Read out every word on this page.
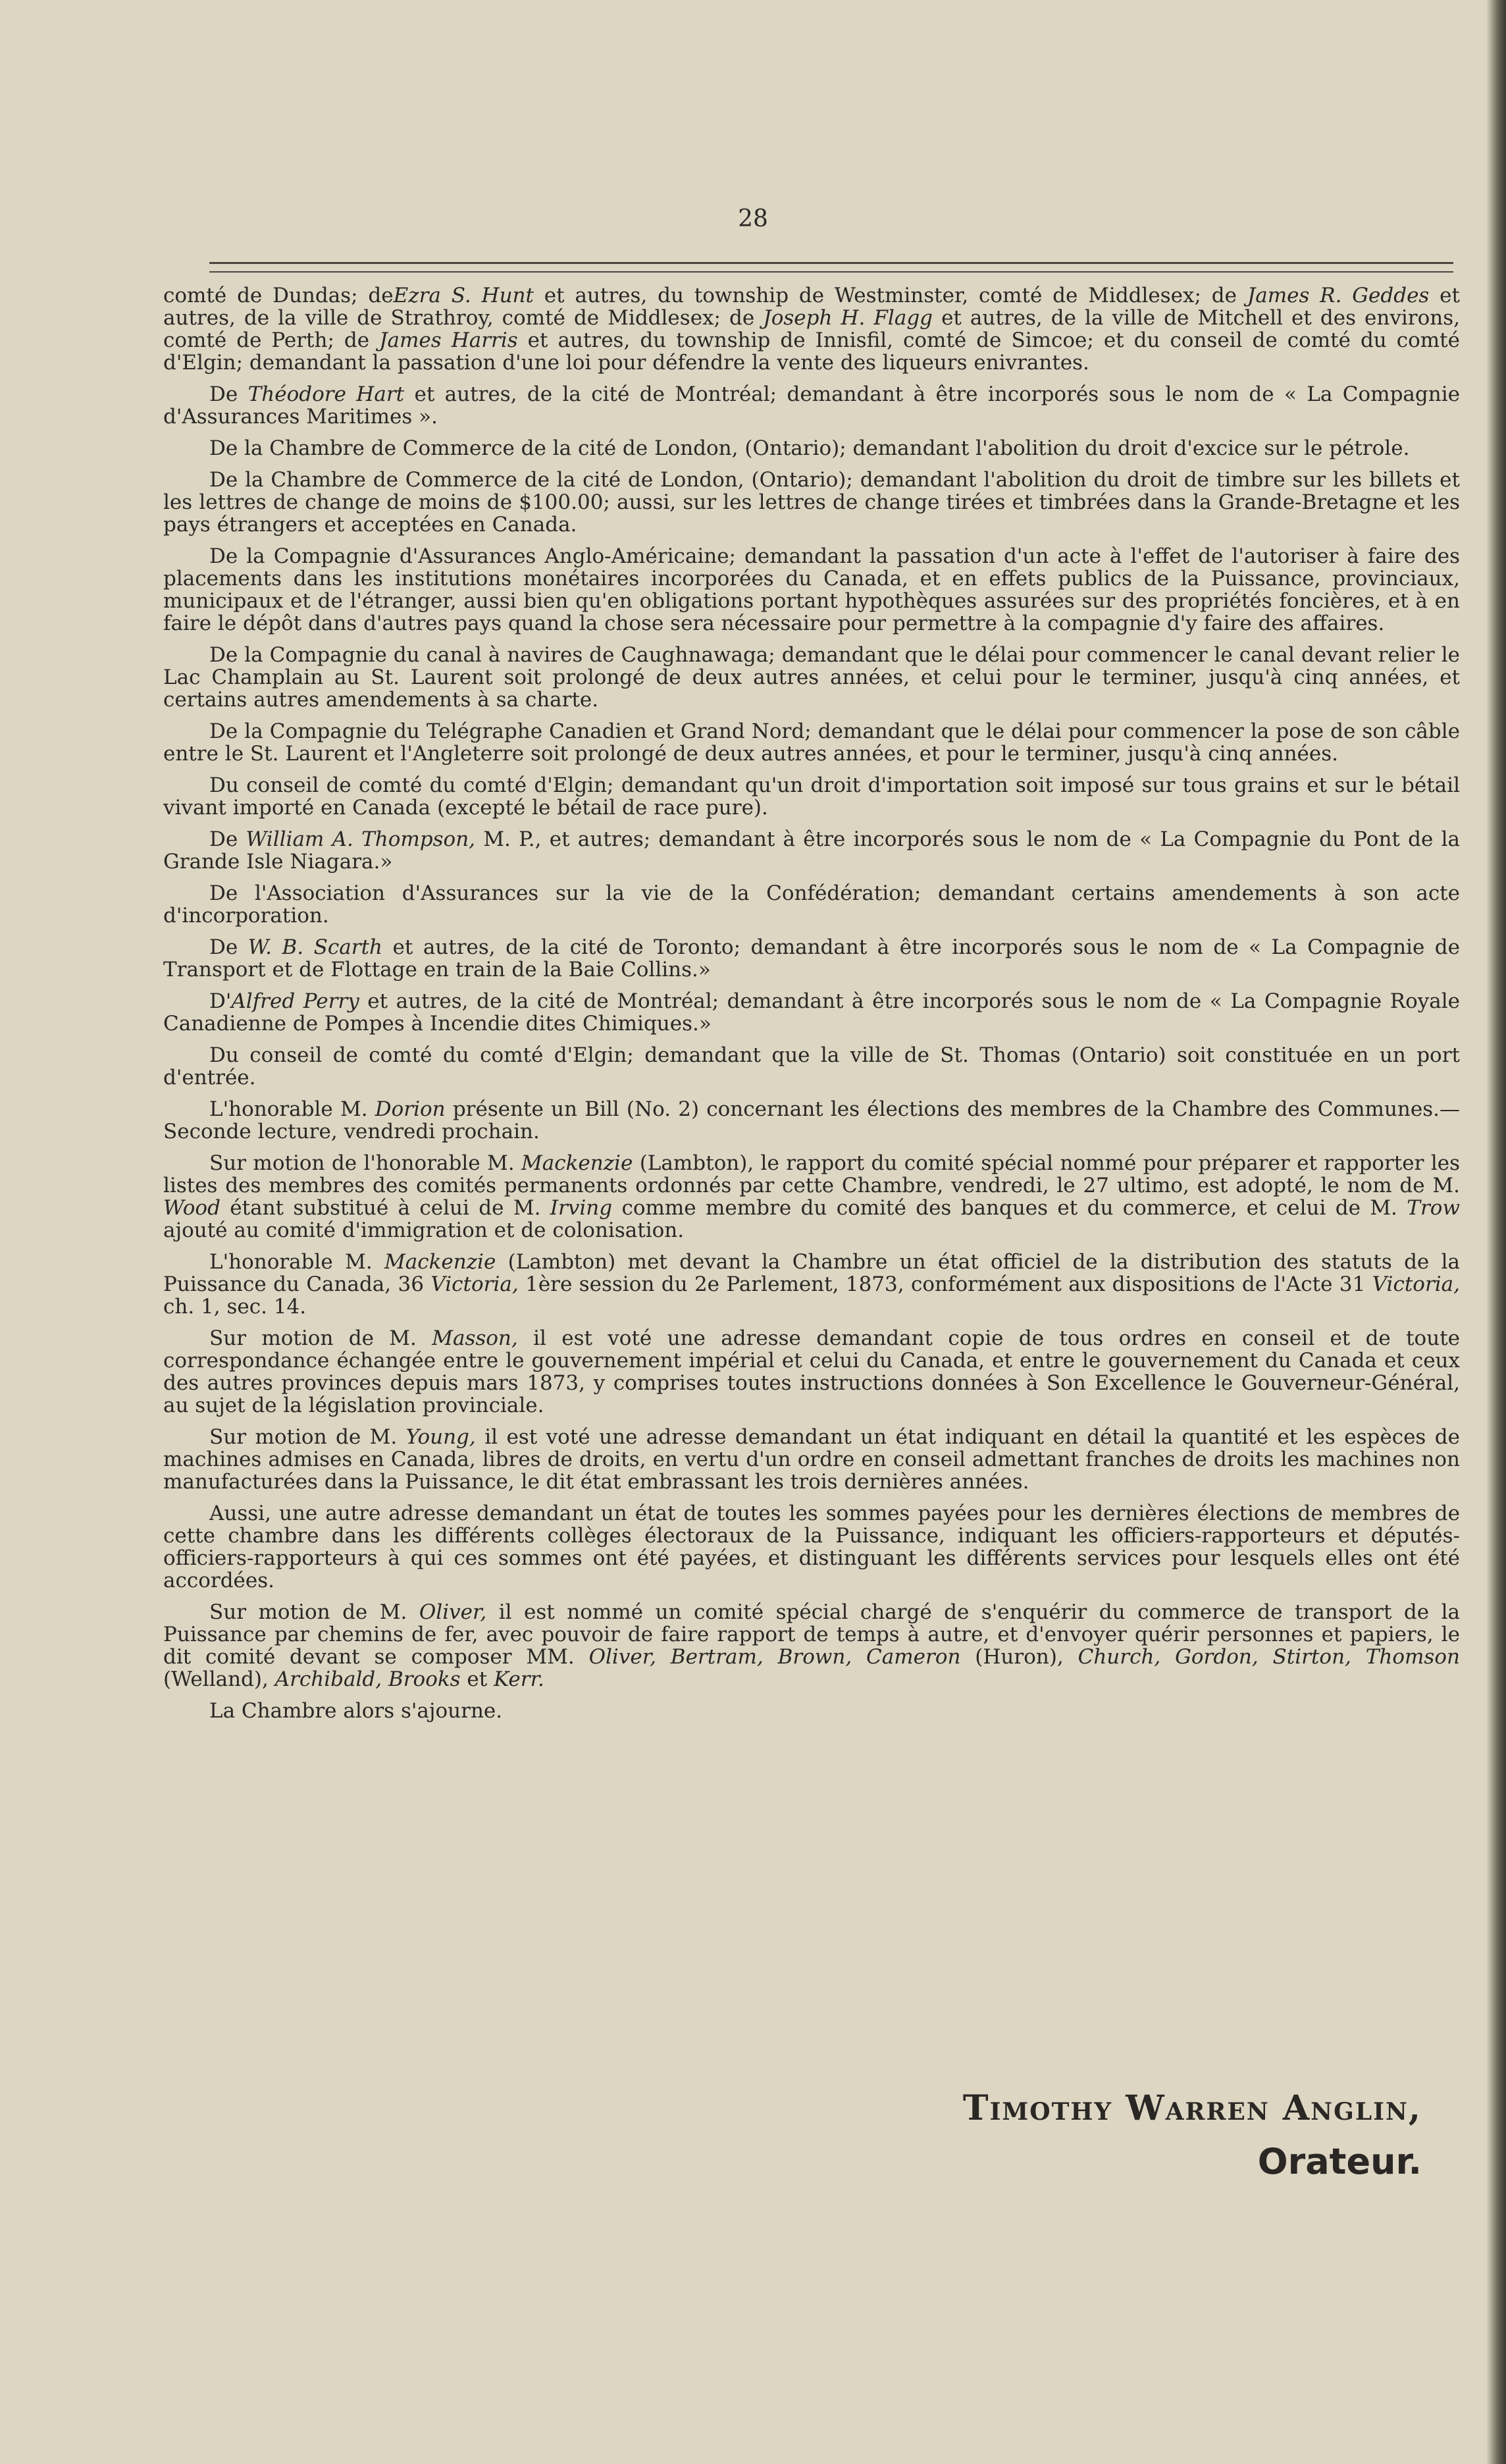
28

comté de Dundas; deEzra S. Hunt et autres, du township de Westminster, comté de Middlesex; de James R. Geddes et autres, de la ville de Strathroy, comté de Middlesex; de Joseph H. Flagg et autres, de la ville de Mitchell et des environs, comté de Perth; de James Harris et autres, du township de Innisfil, comté de Simcoe; et du conseil de comté du comté d'Elgin; demandant la passation d'une loi pour défendre la vente des liqueurs enivrantes.

De Théodore Hart et autres, de la cité de Montréal; demandant à être incorporés sous le nom de « La Compagnie d'Assurances Maritimes ».

De la Chambre de Commerce de la cité de London, (Ontario); demandant l'abolition du droit d'excice sur le pétrole.

De la Chambre de Commerce de la cité de London, (Ontario); demandant l'abolition du droit de timbre sur les billets et les lettres de change de moins de $100.00; aussi, sur les lettres de change tirées et timbrées dans la Grande-Bretagne et les pays étrangers et acceptées en Canada.

De la Compagnie d'Assurances Anglo-Américaine; demandant la passation d'un acte à l'effet de l'autoriser à faire des placements dans les institutions monétaires incorporées du Canada, et en effets publics de la Puissance, provinciaux, municipaux et de l'étranger, aussi bien qu'en obligations portant hypothèques assurées sur des propriétés foncières, et à en faire le dépôt dans d'autres pays quand la chose sera nécessaire pour permettre à la compagnie d'y faire des affaires.

De la Compagnie du canal à navires de Caughnawaga; demandant que le délai pour commencer le canal devant relier le Lac Champlain au St. Laurent soit prolongé de deux autres années, et celui pour le terminer, jusqu'à cinq années, et certains autres amendements à sa charte.

De la Compagnie du Telégraphe Canadien et Grand Nord; demandant que le délai pour commencer la pose de son câble entre le St. Laurent et l'Angleterre soit prolongé de deux autres années, et pour le terminer, jusqu'à cinq années.

Du conseil de comté du comté d'Elgin; demandant qu'un droit d'importation soit imposé sur tous grains et sur le bétail vivant importé en Canada (excepté le bétail de race pure).

De William A. Thompson, M. P., et autres; demandant à être incorporés sous le nom de « La Compagnie du Pont de la Grande Isle Niagara.»

De l'Association d'Assurances sur la vie de la Confédération; demandant certains amendements à son acte d'incorporation.

De W. B. Scarth et autres, de la cité de Toronto; demandant à être incorporés sous le nom de « La Compagnie de Transport et de Flottage en train de la Baie Collins.»

D'Alfred Perry et autres, de la cité de Montréal; demandant à être incorporés sous le nom de « La Compagnie Royale Canadienne de Pompes à Incendie dites Chimiques.»

Du conseil de comté du comté d'Elgin; demandant que la ville de St. Thomas (Ontario) soit constituée en un port d'entrée.

L'honorable M. Dorion présente un Bill (No. 2) concernant les élections des membres de la Chambre des Communes.—Seconde lecture, vendredi prochain.

Sur motion de l'honorable M. Mackenzie (Lambton), le rapport du comité spécial nommé pour préparer et rapporter les listes des membres des comités permanents ordonnés par cette Chambre, vendredi, le 27 ultimo, est adopté, le nom de M. Wood étant substitué à celui de M. Irving comme membre du comité des banques et du commerce, et celui de M. Trow ajouté au comité d'immigration et de colonisation.

L'honorable M. Mackenzie (Lambton) met devant la Chambre un état officiel de la distribution des statuts de la Puissance du Canada, 36 Victoria, 1ère session du 2e Parlement, 1873, conformément aux dispositions de l'Acte 31 Victoria, ch. 1, sec. 14.

Sur motion de M. Masson, il est voté une adresse demandant copie de tous ordres en conseil et de toute correspondance échangée entre le gouvernement impérial et celui du Canada, et entre le gouvernement du Canada et ceux des autres provinces depuis mars 1873, y comprises toutes instructions données à Son Excellence le Gouverneur-Général, au sujet de la législation provinciale.

Sur motion de M. Young, il est voté une adresse demandant un état indiquant en détail la quantité et les espèces de machines admises en Canada, libres de droits, en vertu d'un ordre en conseil admettant franches de droits les machines non manufacturées dans la Puissance, le dit état embrassant les trois dernières années.

Aussi, une autre adresse demandant un état de toutes les sommes payées pour les dernières élections de membres de cette chambre dans les différents collèges électoraux de la Puissance, indiquant les officiers-rapporteurs et députés-officiers-rapporteurs à qui ces sommes ont été payées, et distinguant les différents services pour lesquels elles ont été accordées.

Sur motion de M. Oliver, il est nommé un comité spécial chargé de s'enquérir du commerce de transport de la Puissance par chemins de fer, avec pouvoir de faire rapport de temps à autre, et d'envoyer quérir personnes et papiers, le dit comité devant se composer MM. Oliver, Bertram, Brown, Cameron (Huron), Church, Gordon, Stirton, Thomson (Welland), Archibald, Brooks et Kerr.

La Chambre alors s'ajourne.

Timothy Warren Anglin,
Orateur.
